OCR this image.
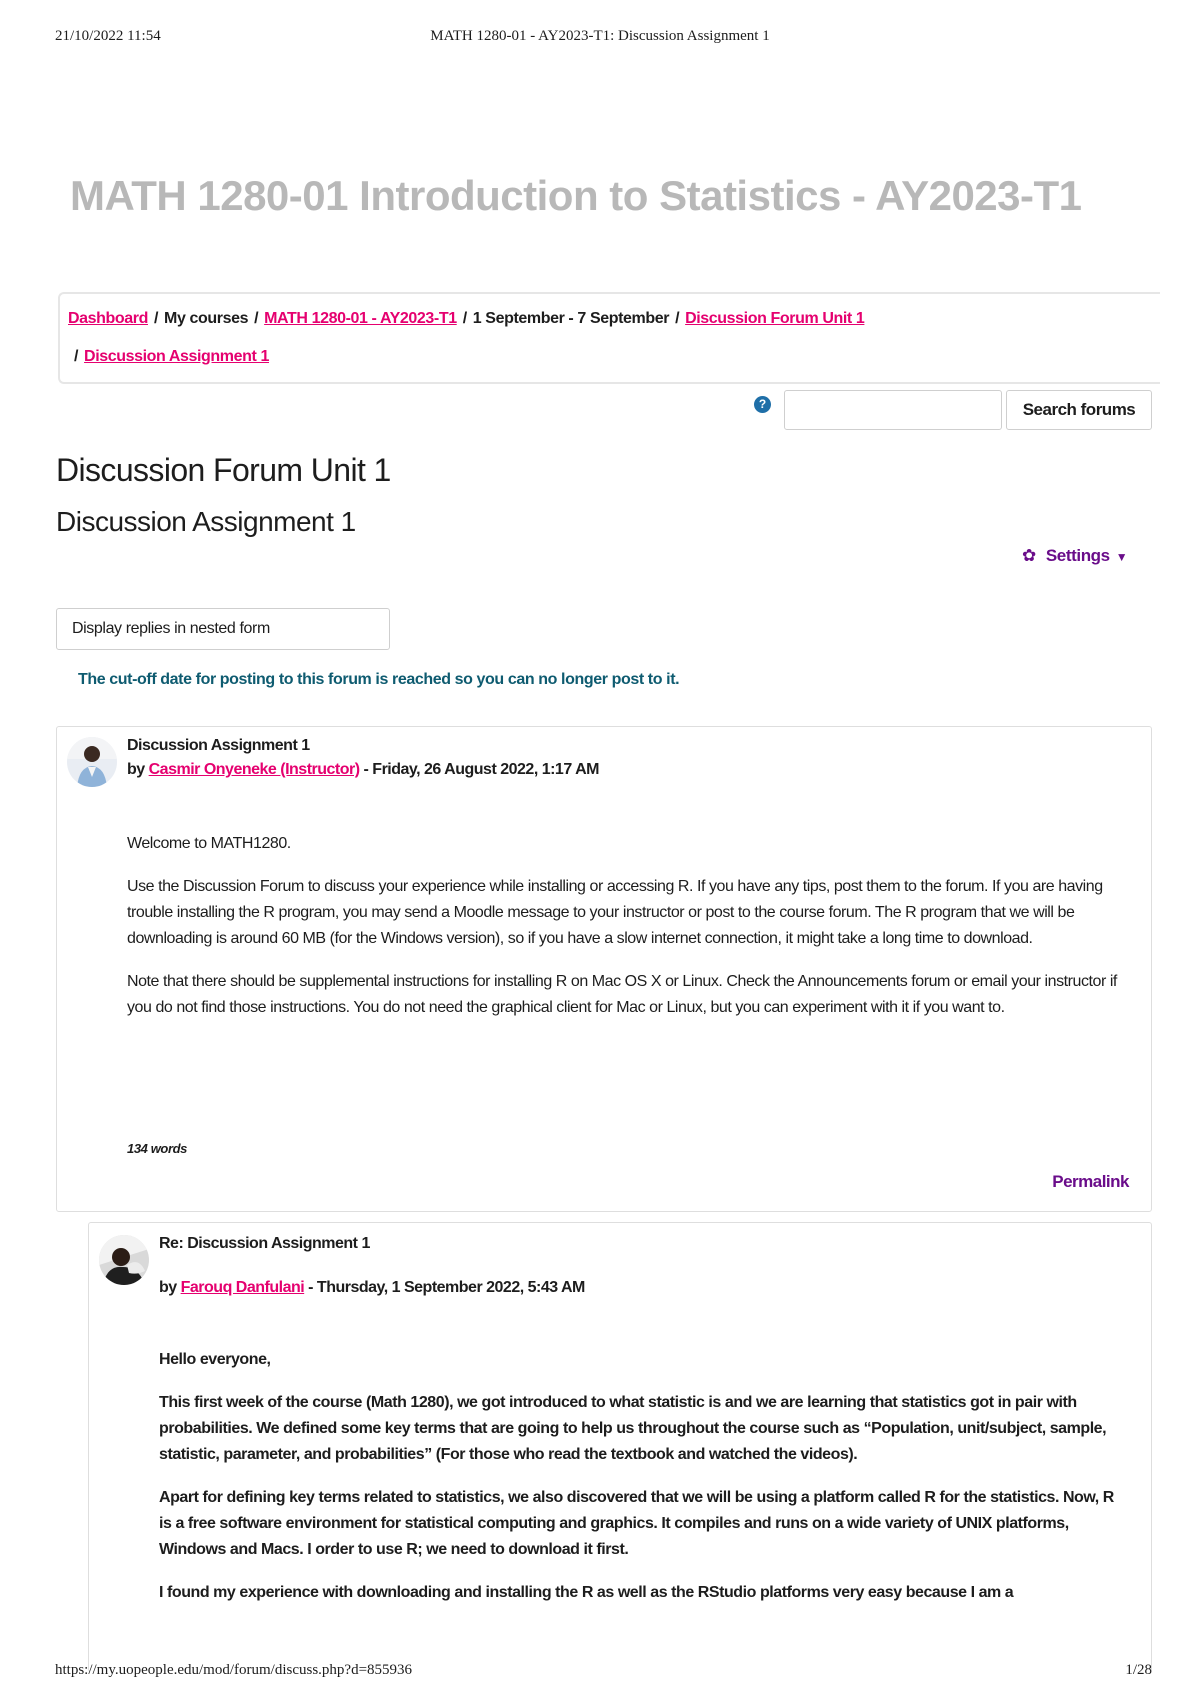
21/10/2022 11:54	MATH 1280-01 - AY2023-T1: Discussion Assignment 1
MATH 1280-01 Introduction to Statistics - AY2023-T1
Dashboard / My courses / MATH 1280-01 - AY2023-T1 / 1 September - 7 September / Discussion Forum Unit 1
/ Discussion Assignment 1
?	Search forums
Discussion Forum Unit 1
Discussion Assignment 1
✿ Settings ▼
Display replies in nested form
The cut-off date for posting to this forum is reached so you can no longer post to it.
Discussion Assignment 1
by Casmir Onyeneke (Instructor) - Friday, 26 August 2022, 1:17 AM

Welcome to MATH1280.

Use the Discussion Forum to discuss your experience while installing or accessing R. If you have any tips, post them to the forum. If you are having trouble installing the R program, you may send a Moodle message to your instructor or post to the course forum. The R program that we will be downloading is around 60 MB (for the Windows version), so if you have a slow internet connection, it might take a long time to download.

Note that there should be supplemental instructions for installing R on Mac OS X or Linux. Check the Announcements forum or email your instructor if you do not find those instructions. You do not need the graphical client for Mac or Linux, but you can experiment with it if you want to.

134 words
Permalink
Re: Discussion Assignment 1
by Farouq Danfulani - Thursday, 1 September 2022, 5:43 AM

Hello everyone,

This first week of the course (Math 1280), we got introduced to what statistic is and we are learning that statistics got in pair with probabilities. We defined some key terms that are going to help us throughout the course such as “Population, unit/subject, sample, statistic, parameter, and probabilities” (For those who read the textbook and watched the videos).

Apart for defining key terms related to statistics, we also discovered that we will be using a platform called R for the statistics. Now, R is a free software environment for statistical computing and graphics. It compiles and runs on a wide variety of UNIX platforms, Windows and Macs. I order to use R; we need to download it first.

I found my experience with downloading and installing the R as well as the RStudio platforms very easy because I am a

https://my.uopeople.edu/mod/forum/discuss.php?d=855936	1/28
